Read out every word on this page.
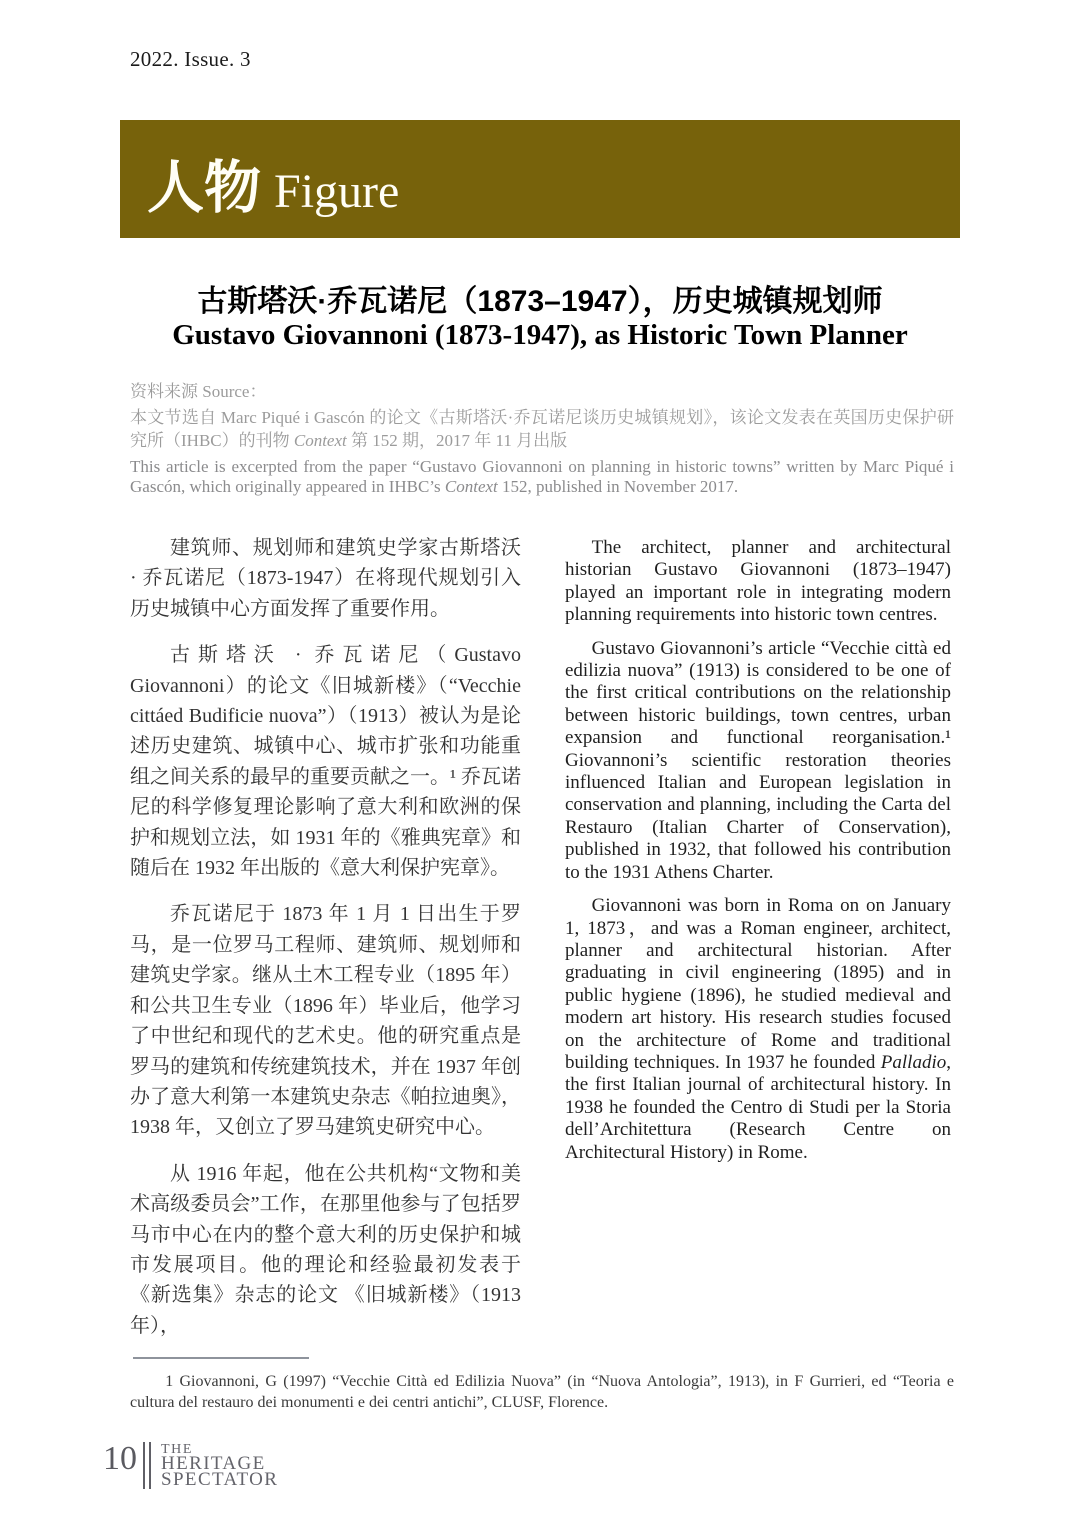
2022. Issue. 3
人物 Figure
古斯塔沃·乔瓦诺尼（1873–1947），历史城镇规划师
Gustavo Giovannoni (1873-1947), as Historic Town Planner
资料来源 Source：

本文节选自 Marc Piqué i Gascón 的论文《古斯塔沃·乔瓦诺尼谈历史城镇规划》，该论文发表在英国历史保护研究所（IHBC）的刊物 Context 第 152 期，2017 年 11 月出版

This article is excerpted from the paper “Gustavo Giovannoni on planning in historic towns” written by Marc Piqué i Gascón, which originally appeared in IHBC’s Context 152, published in November 2017.

建筑师、规划师和建筑史学家古斯塔沃 · 乔瓦诺尼（1873-1947）在将现代规划引入历史城镇中心方面发挥了重要作用。

古斯塔沃 · 乔瓦诺尼（Gustavo Giovannoni）的论文《旧城新楼》（“Vecchie cittáed Budificie nuova”）（1913）被认为是论述历史建筑、城镇中心、城市扩张和功能重组之间关系的最早的重要贡献之一。¹ 乔瓦诺尼的科学修复理论影响了意大利和欧洲的保护和规划立法，如 1931 年的《雅典宪章》和随后在 1932 年出版的《意大利保护宪章》。

乔瓦诺尼于 1873 年 1 月 1 日出生于罗马，是一位罗马工程师、建筑师、规划师和建筑史学家。继从土木工程专业（1895 年）和公共卫生专业（1896 年）毕业后，他学习了中世纪和现代的艺术史。他的研究重点是罗马的建筑和传统建筑技术，并在 1937 年创办了意大利第一本建筑史杂志《帕拉迪奥》，1938 年，又创立了罗马建筑史研究中心。

从 1916 年起，他在公共机构“文物和美术高级委员会”工作，在那里他参与了包括罗马市中心在内的整个意大利的历史保护和城市发展项目。他的理论和经验最初发表于《新选集》杂志的论文 《旧城新楼》（1913 年），

The architect, planner and architectural historian Gustavo Giovannoni (1873–1947) played an important role in integrating modern planning requirements into historic town centres.

Gustavo Giovannoni’s article “Vecchie città ed edilizia nuova” (1913) is considered to be one of the first critical contributions on the relationship between historic buildings, town centres, urban expansion and functional reorganisation.¹ Giovannoni’s scientific restoration theories influenced Italian and European legislation in conservation and planning, including the Carta del Restauro (Italian Charter of Conservation), published in 1932, that followed his contribution to the 1931 Athens Charter.

Giovannoni was born in Roma on on January 1, 1873，and was a Roman engineer, architect, planner and architectural historian. After graduating in civil engineering (1895) and in public hygiene (1896), he studied medieval and modern art history. His research studies focused on the architecture of Rome and traditional building techniques. In 1937 he founded Palladio, the first Italian journal of architectural history. In 1938 he founded the Centro di Studi per la Storia dell’Architettura (Research Centre on Architectural History) in Rome.

1 Giovannoni, G (1997) “Vecchie Città ed Edilizia Nuova” (in “Nuova Antologia”, 1913), in F Gurrieri, ed “Teoria e cultura del restauro dei monumenti e dei centri antichi”, CLUSF, Florence.

10 THE
HERITAGE
SPECTATOR
